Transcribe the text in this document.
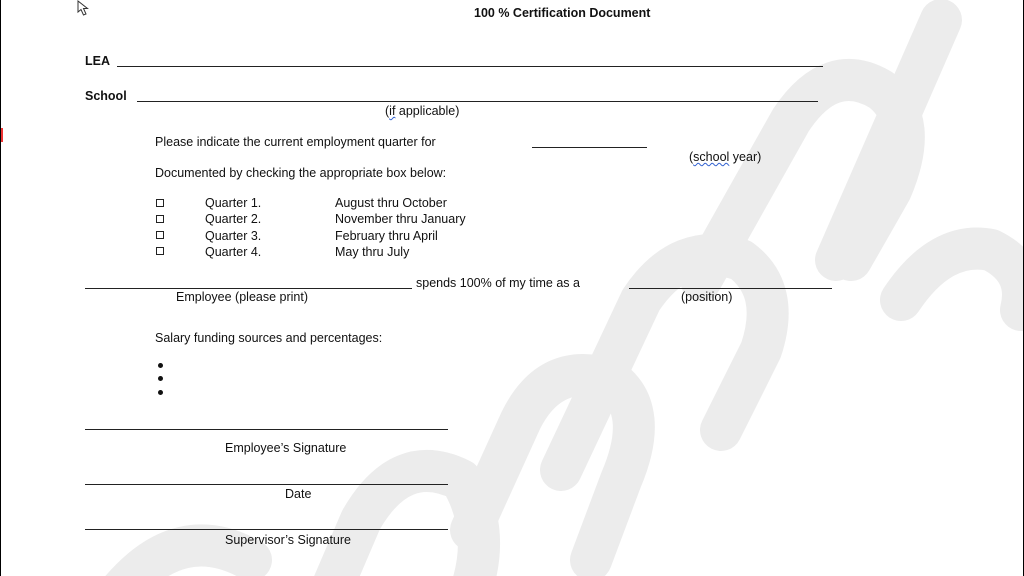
100 % Certification Document
LEA
School
(if applicable)
Please indicate the current employment quarter for
(school year)
Documented by checking the appropriate box below:
Quarter 1.	August thru October
Quarter 2.	November thru January
Quarter 3.	February thru April
Quarter 4.	May thru July
spends 100% of my time as a
Employee (please print)	(position)
Salary funding sources and percentages:
Employee’s Signature
Date
Supervisor’s Signature
